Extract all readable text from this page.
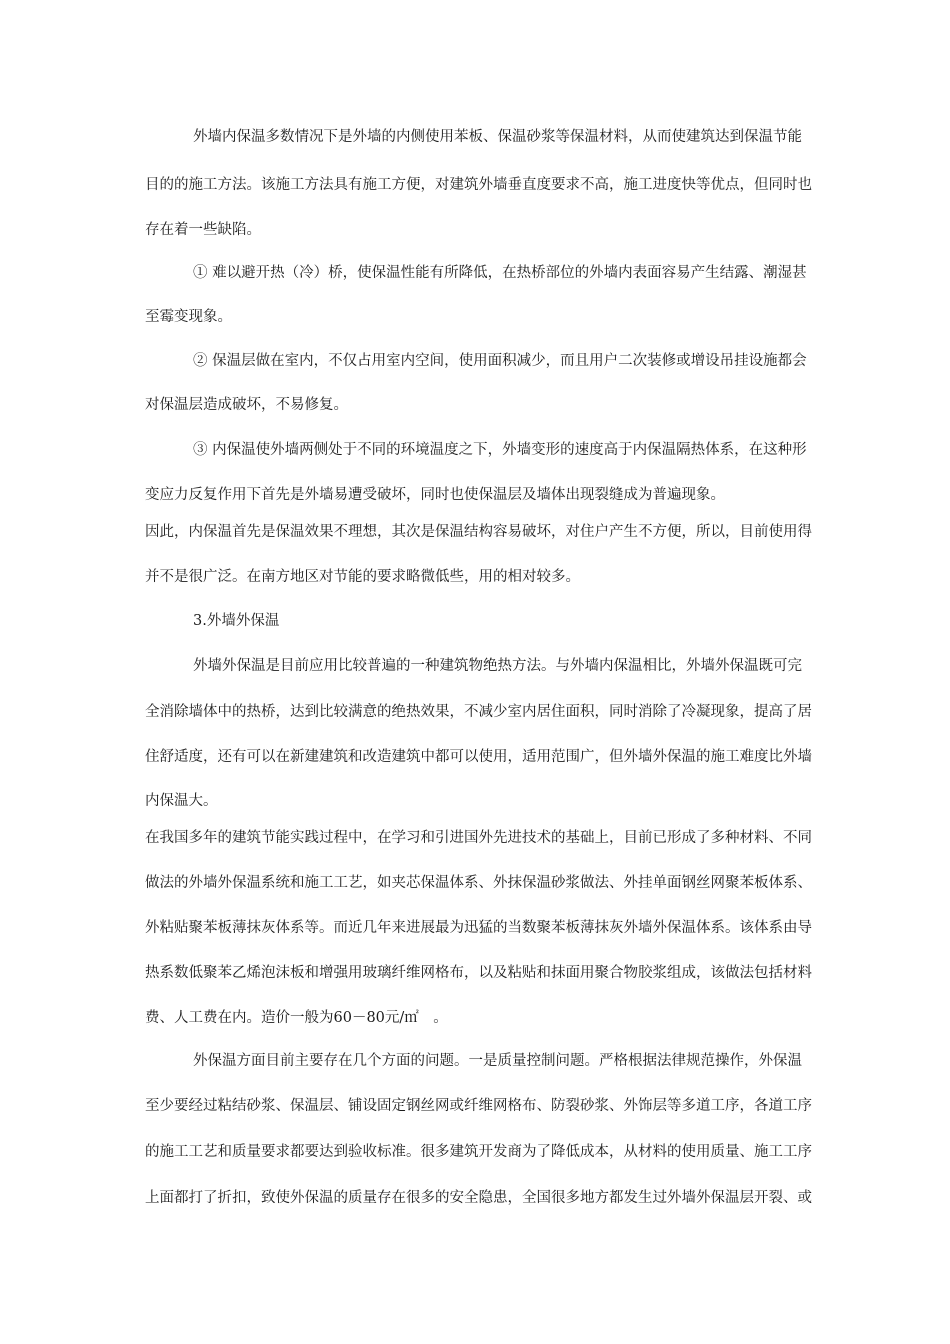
外墙内保温多数情况下是外墙的内侧使用苯板、保温砂浆等保温材料，从而使建筑达到保温节能
目的的施工方法。该施工方法具有施工方便，对建筑外墙垂直度要求不高，施工进度快等优点，但同时也
存在着一些缺陷。
① 难以避开热（冷）桥，使保温性能有所降低，在热桥部位的外墙内表面容易产生结露、潮湿甚
至霉变现象。
② 保温层做在室内，不仅占用室内空间，使用面积减少，而且用户二次装修或增设吊挂设施都会
对保温层造成破坏，不易修复。
③ 内保温使外墙两侧处于不同的环境温度之下，外墙变形的速度高于内保温隔热体系，在这种形
变应力反复作用下首先是外墙易遭受破坏，同时也使保温层及墙体出现裂缝成为普遍现象。
因此，内保温首先是保温效果不理想，其次是保温结构容易破坏，对住户产生不方便，所以，目前使用得
并不是很广泛。在南方地区对节能的要求略微低些，用的相对较多。
3.外墙外保温
外墙外保温是目前应用比较普遍的一种建筑物绝热方法。与外墙内保温相比，外墙外保温既可完
全消除墙体中的热桥，达到比较满意的绝热效果，不减少室内居住面积，同时消除了冷凝现象，提高了居
住舒适度，还有可以在新建建筑和改造建筑中都可以使用，适用范围广，但外墙外保温的施工难度比外墙
内保温大。
在我国多年的建筑节能实践过程中，在学习和引进国外先进技术的基础上，目前已形成了多种材料、不同
做法的外墙外保温系统和施工工艺，如夹芯保温体系、外抹保温砂浆做法、外挂单面钢丝网聚苯板体系、
外粘贴聚苯板薄抹灰体系等。而近几年来进展最为迅猛的当数聚苯板薄抹灰外墙外保温体系。该体系由导
热系数低聚苯乙烯泡沫板和增强用玻璃纤维网格布，以及粘贴和抹面用聚合物胶浆组成，该做法包括材料
费、人工费在内。造价一般为60－80元/㎡　。
外保温方面目前主要存在几个方面的问题。一是质量控制问题。严格根据法律规范操作，外保温
至少要经过粘结砂浆、保温层、铺设固定钢丝网或纤维网格布、防裂砂浆、外饰层等多道工序，各道工序
的施工工艺和质量要求都要达到验收标准。很多建筑开发商为了降低成本，从材料的使用质量、施工工序
上面都打了折扣，致使外保温的质量存在很多的安全隐患，全国很多地方都发生过外墙外保温层开裂、或
